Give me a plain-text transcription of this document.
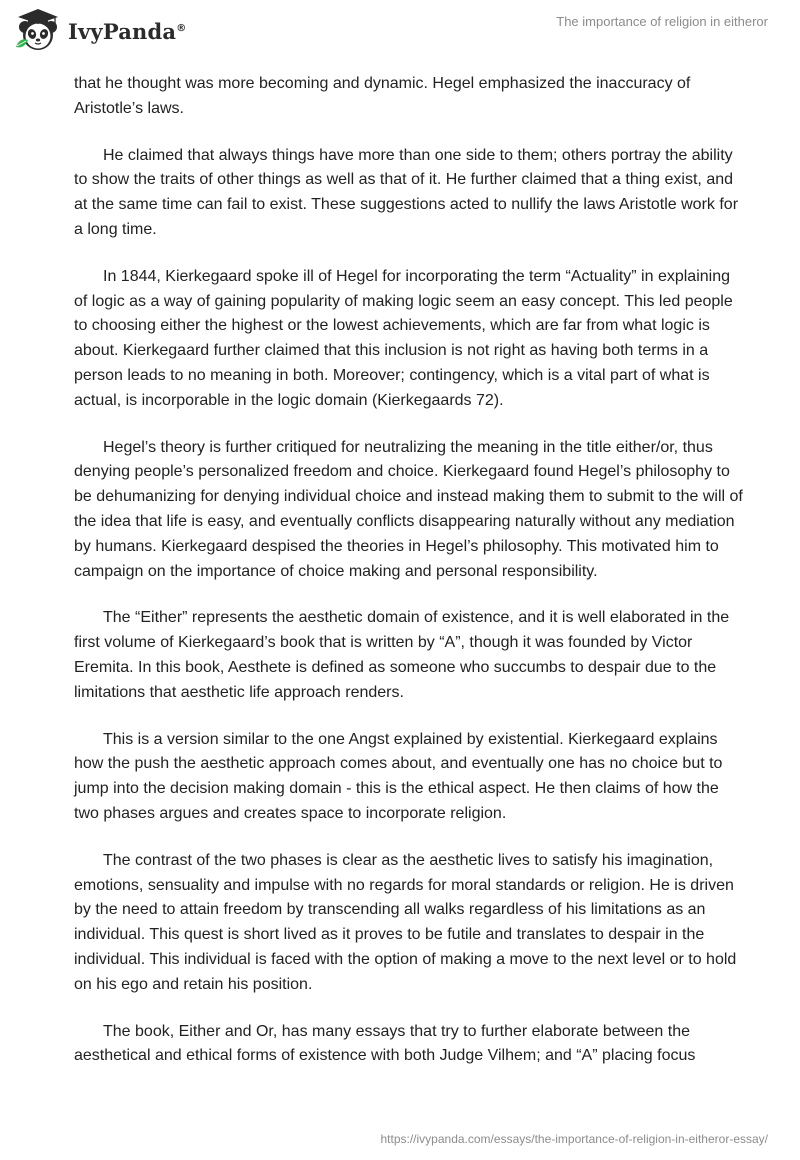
IvyPanda®	The importance of religion in eitheror

that he thought was more becoming and dynamic. Hegel emphasized the inaccuracy of Aristotle’s laws.

He claimed that always things have more than one side to them; others portray the ability to show the traits of other things as well as that of it. He further claimed that a thing exist, and at the same time can fail to exist. These suggestions acted to nullify the laws Aristotle work for a long time.

In 1844, Kierkegaard spoke ill of Hegel for incorporating the term “Actuality” in explaining of logic as a way of gaining popularity of making logic seem an easy concept. This led people to choosing either the highest or the lowest achievements, which are far from what logic is about. Kierkegaard further claimed that this inclusion is not right as having both terms in a person leads to no meaning in both. Moreover; contingency, which is a vital part of what is actual, is incorporable in the logic domain (Kierkegaards 72).

Hegel’s theory is further critiqued for neutralizing the meaning in the title either/or, thus denying people’s personalized freedom and choice. Kierkegaard found Hegel’s philosophy to be dehumanizing for denying individual choice and instead making them to submit to the will of the idea that life is easy, and eventually conflicts disappearing naturally without any mediation by humans. Kierkegaard despised the theories in Hegel’s philosophy. This motivated him to campaign on the importance of choice making and personal responsibility.

The “Either” represents the aesthetic domain of existence, and it is well elaborated in the first volume of Kierkegaard’s book that is written by “A”, though it was founded by Victor Eremita. In this book, Aesthete is defined as someone who succumbs to despair due to the limitations that aesthetic life approach renders.

This is a version similar to the one Angst explained by existential. Kierkegaard explains how the push the aesthetic approach comes about, and eventually one has no choice but to jump into the decision making domain - this is the ethical aspect. He then claims of how the two phases argues and creates space to incorporate religion.

The contrast of the two phases is clear as the aesthetic lives to satisfy his imagination, emotions, sensuality and impulse with no regards for moral standards or religion. He is driven by the need to attain freedom by transcending all walks regardless of his limitations as an individual. This quest is short lived as it proves to be futile and translates to despair in the individual. This individual is faced with the option of making a move to the next level or to hold on his ego and retain his position.

The book, Either and Or, has many essays that try to further elaborate between the aesthetical and ethical forms of existence with both Judge Vilhem; and “A” placing focus

https://ivypanda.com/essays/the-importance-of-religion-in-eitheror-essay/
